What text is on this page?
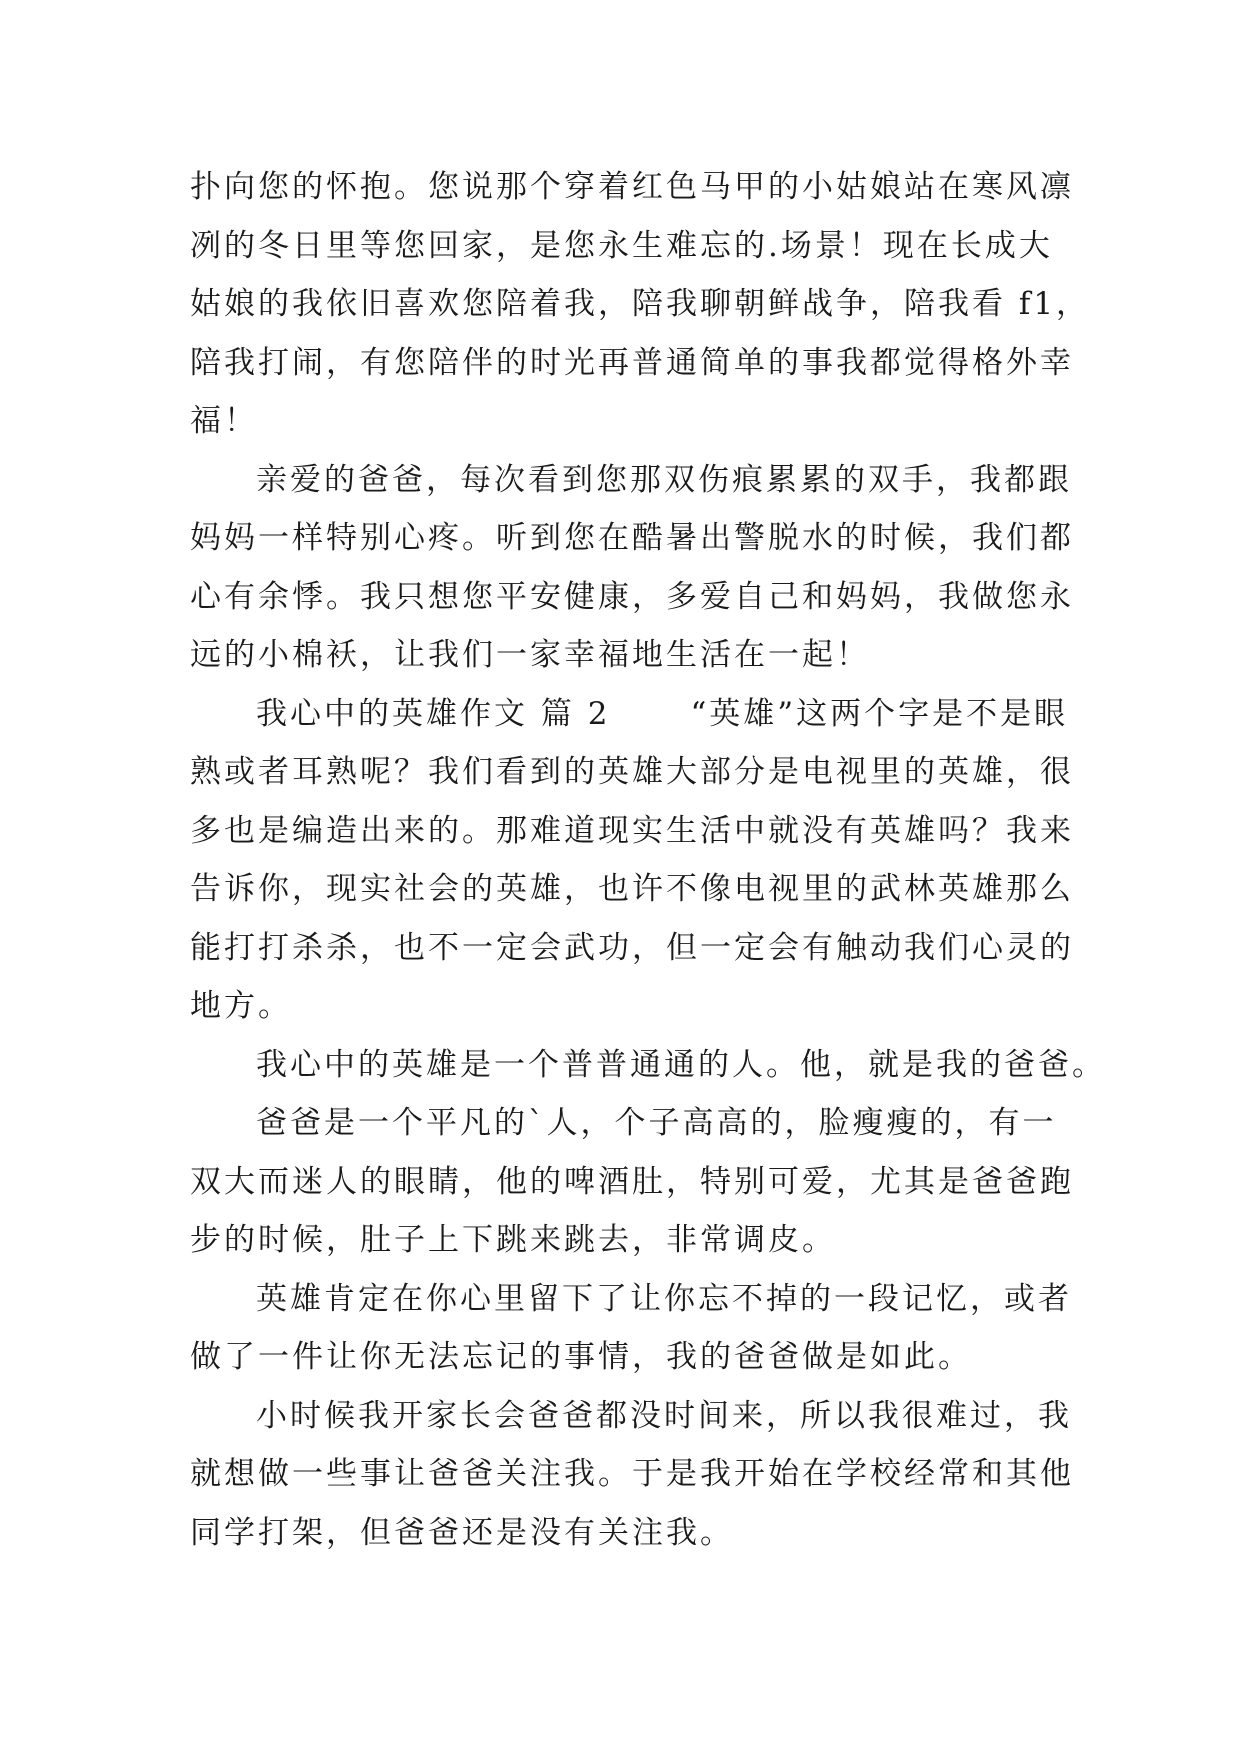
扑向您的怀抱。您说那个穿着红色马甲的小姑娘站在寒风凛
冽的冬日里等您回家，是您永生难忘的.场景！现在长成大
姑娘的我依旧喜欢您陪着我，陪我聊朝鲜战争，陪我看 f1，
陪我打闹，有您陪伴的时光再普通简单的事我都觉得格外幸
福！
亲爱的爸爸，每次看到您那双伤痕累累的双手，我都跟
妈妈一样特别心疼。听到您在酷暑出警脱水的时候，我们都
心有余悸。我只想您平安健康，多爱自己和妈妈，我做您永
远的小棉袄，让我们一家幸福地生活在一起！
我心中的英雄作文 篇 2	“英雄”这两个字是不是眼
熟或者耳熟呢？我们看到的英雄大部分是电视里的英雄，很
多也是编造出来的。那难道现实生活中就没有英雄吗？我来
告诉你，现实社会的英雄，也许不像电视里的武林英雄那么
能打打杀杀，也不一定会武功，但一定会有触动我们心灵的
地方。
我心中的英雄是一个普普通通的人。他，就是我的爸爸。
爸爸是一个平凡的`人，个子高高的，脸瘦瘦的，有一
双大而迷人的眼睛，他的啤酒肚，特别可爱，尤其是爸爸跑
步的时候，肚子上下跳来跳去，非常调皮。
英雄肯定在你心里留下了让你忘不掉的一段记忆，或者
做了一件让你无法忘记的事情，我的爸爸做是如此。
小时候我开家长会爸爸都没时间来，所以我很难过，我
就想做一些事让爸爸关注我。于是我开始在学校经常和其他
同学打架，但爸爸还是没有关注我。
